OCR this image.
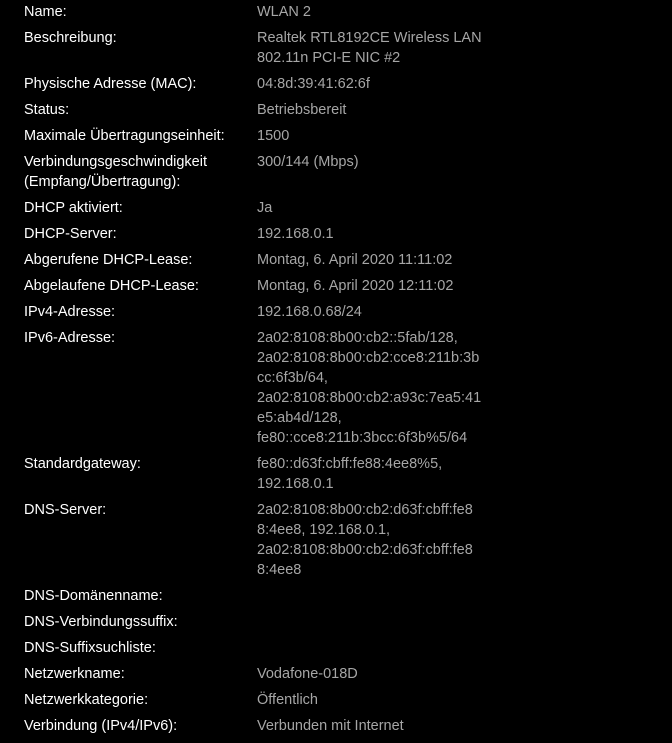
Name:	WLAN 2
Beschreibung:	Realtek RTL8192CE Wireless LAN
802.11n PCI-E NIC #2
Physische Adresse (MAC):	04:8d:39:41:62:6f
Status:	Betriebsbereit
Maximale Übertragungseinheit:	1500
Verbindungsgeschwindigkeit
(Empfang/Übertragung):
300/144 (Mbps)
DHCP aktiviert:	Ja
DHCP-Server:	192.168.0.1
Abgerufene DHCP-Lease:	Montag, 6. April 2020 11:11:02
Abgelaufene DHCP-Lease:	Montag, 6. April 2020 12:11:02
IPv4-Adresse:	192.168.0.68/24
IPv6-Adresse:	2a02:8108:8b00:cb2::5fab/128,
2a02:8108:8b00:cb2:cce8:211b:3b
cc:6f3b/64,
2a02:8108:8b00:cb2:a93c:7ea5:41
e5:ab4d/128,
fe80::cce8:211b:3bcc:6f3b%5/64
Standardgateway:	fe80::d63f:cbff:fe88:4ee8%5,
192.168.0.1
DNS-Server:	2a02:8108:8b00:cb2:d63f:cbff:fe8
8:4ee8, 192.168.0.1,
2a02:8108:8b00:cb2:d63f:cbff:fe8
8:4ee8
DNS-Domänenname:
DNS-Verbindungssuffix:
DNS-Suffixsuchliste:
Netzwerkname:	Vodafone-018D
Netzwerkkategorie:	Öffentlich
Verbindung (IPv4/IPv6):	Verbunden mit Internet
